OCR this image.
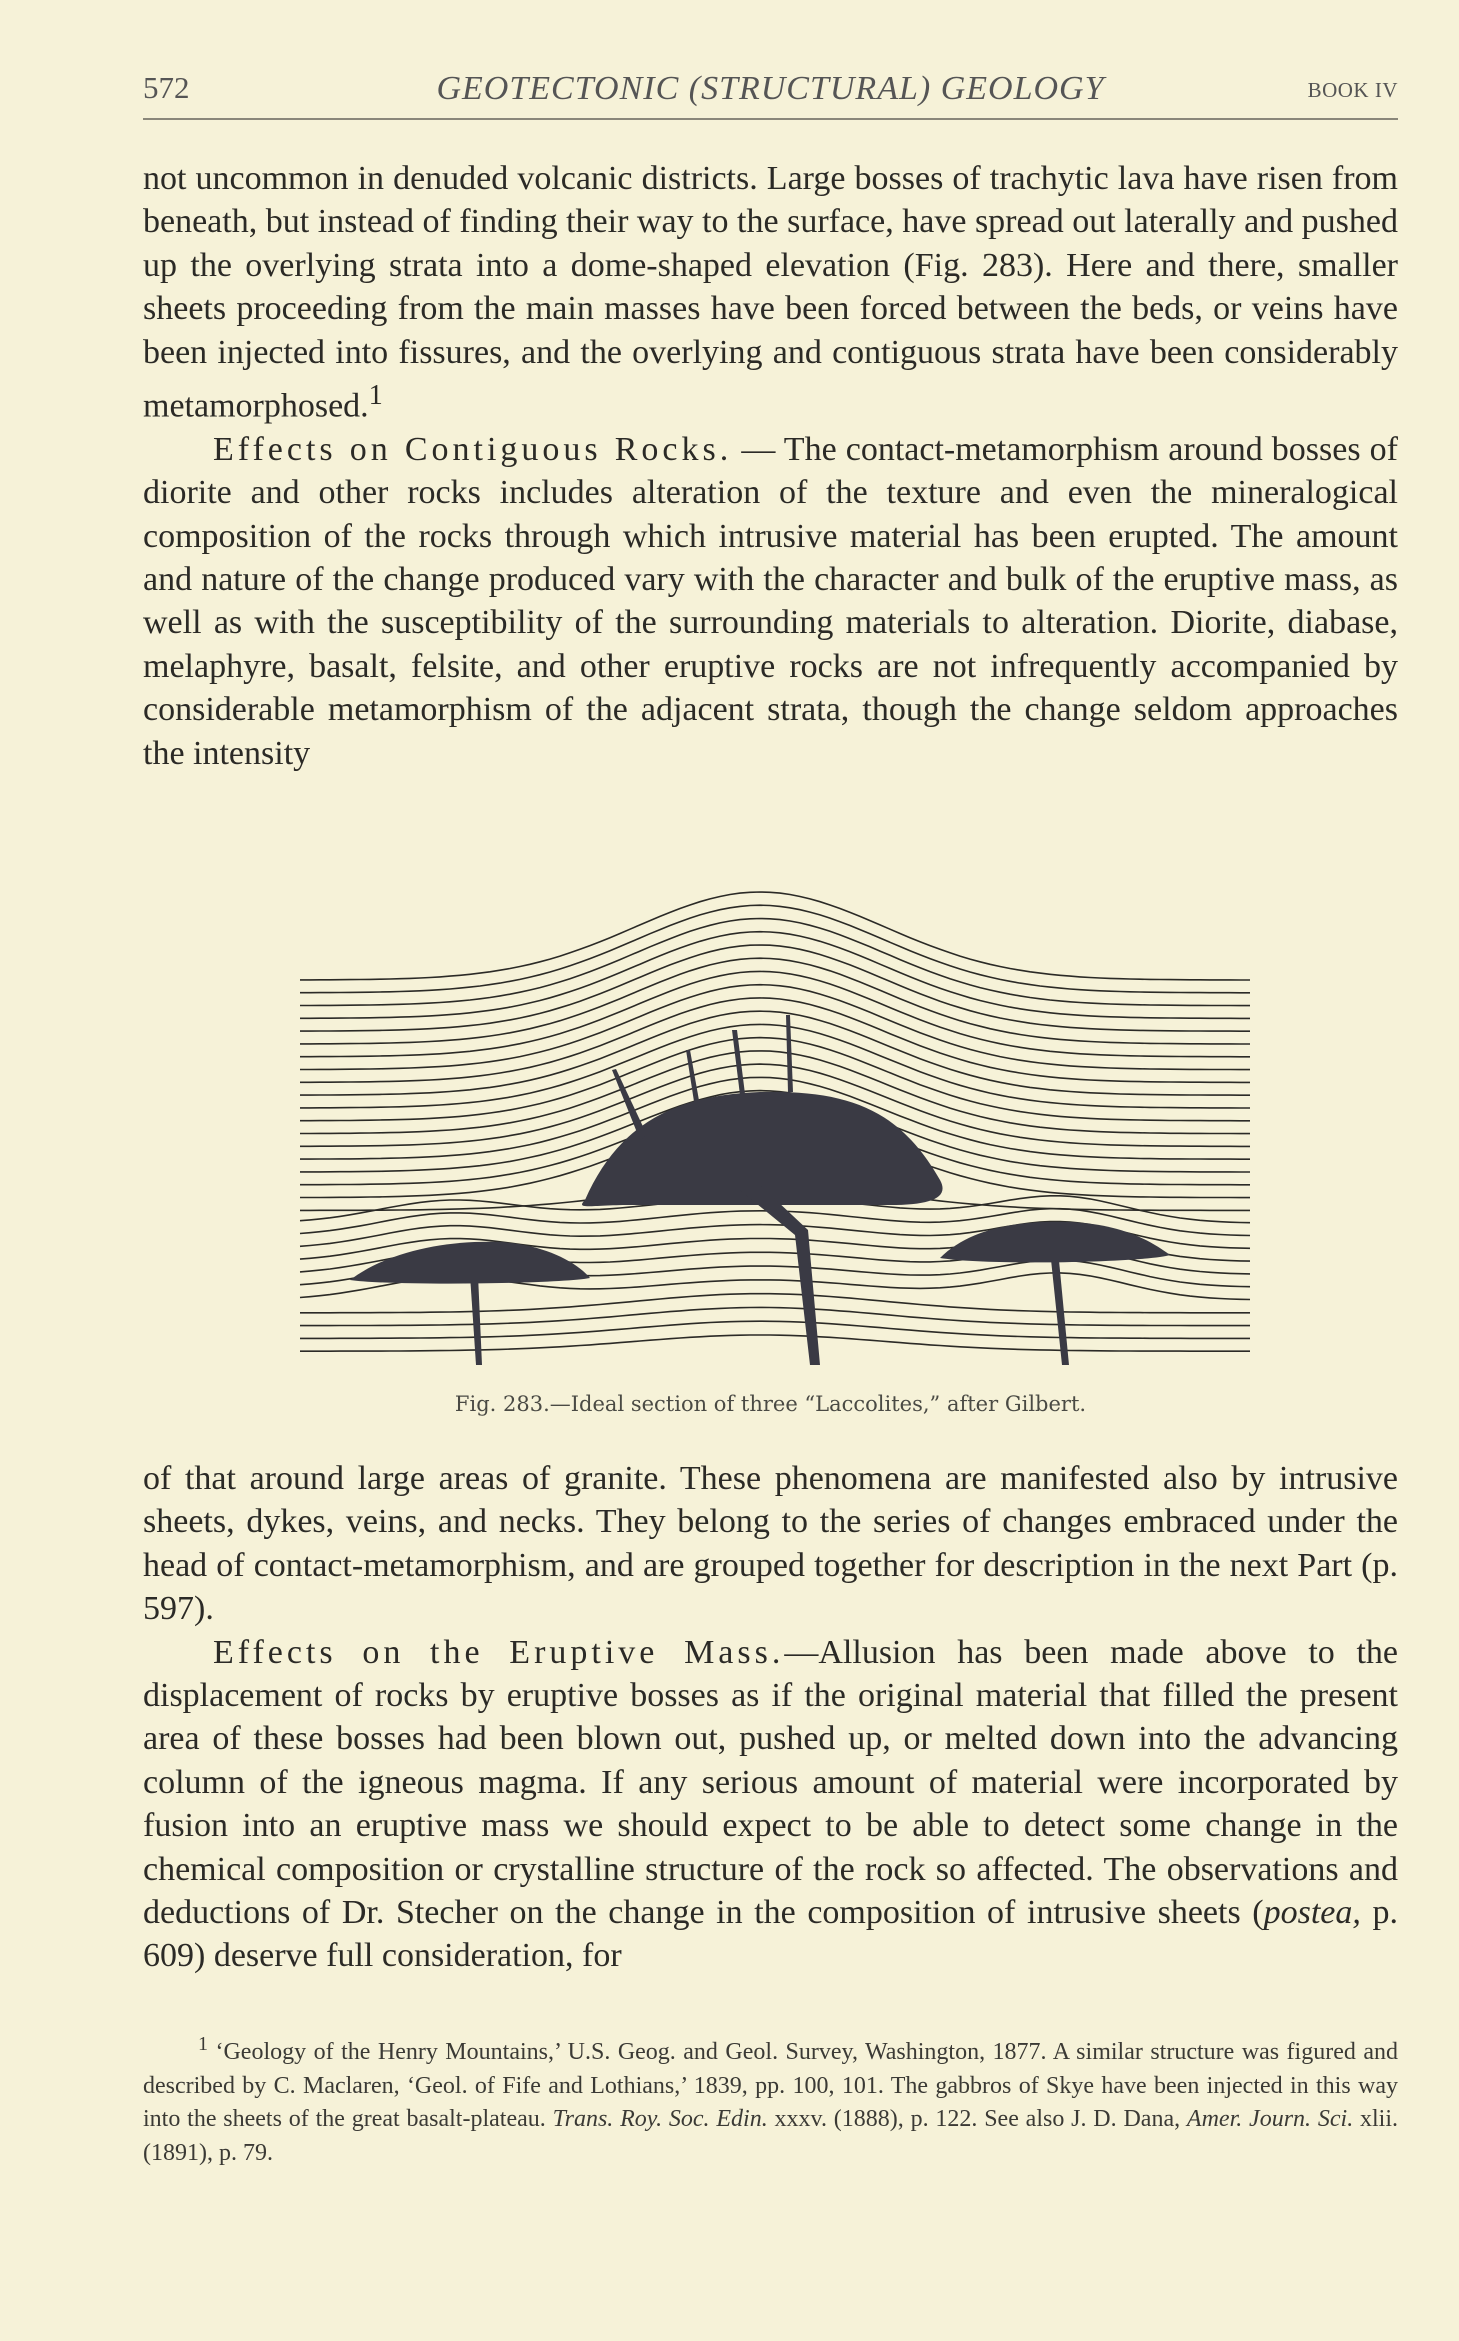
572	GEOTECTONIC (STRUCTURAL) GEOLOGY	BOOK IV

not uncommon in denuded volcanic districts. Large bosses of trachytic lava have risen from beneath, but instead of finding their way to the surface, have spread out laterally and pushed up the overlying strata into a dome-shaped elevation (Fig. 283). Here and there, smaller sheets proceeding from the main masses have been forced between the beds, or veins have been injected into fissures, and the overlying and contiguous strata have been considerably metamorphosed.$^1$

Effects on Contiguous Rocks. — The contact-metamorphism around bosses of diorite and other rocks includes alteration of the texture and even the mineralogical composition of the rocks through which intrusive material has been erupted. The amount and nature of the change produced vary with the character and bulk of the eruptive mass, as well as with the susceptibility of the surrounding materials to alteration. Diorite, diabase, melaphyre, basalt, felsite, and other eruptive rocks are not infrequently accompanied by considerable metamorphism of the adjacent strata, though the change seldom approaches the intensity

Fig. 283.—Ideal section of three “Laccolites,” after Gilbert.

of that around large areas of granite. These phenomena are manifested also by intrusive sheets, dykes, veins, and necks. They belong to the series of changes embraced under the head of contact-metamorphism, and are grouped together for description in the next Part (p. 597).

Effects on the Eruptive Mass.—Allusion has been made above to the displacement of rocks by eruptive bosses as if the original material that filled the present area of these bosses had been blown out, pushed up, or melted down into the advancing column of the igneous magma. If any serious amount of material were incorporated by fusion into an eruptive mass we should expect to be able to detect some change in the chemical composition or crystalline structure of the rock so affected. The observations and deductions of Dr. Stecher on the change in the composition of intrusive sheets (postea, p. 609) deserve full consideration, for

$^1$ ‘Geology of the Henry Mountains,’ U.S. Geog. and Geol. Survey, Washington, 1877. A similar structure was figured and described by C. Maclaren, ‘Geol. of Fife and Lothians,’ 1839, pp. 100, 101. The gabbros of Skye have been injected in this way into the sheets of the great basalt-plateau. Trans. Roy. Soc. Edin. xxxv. (1888), p. 122. See also J. D. Dana, Amer. Journ. Sci. xlii. (1891), p. 79.
